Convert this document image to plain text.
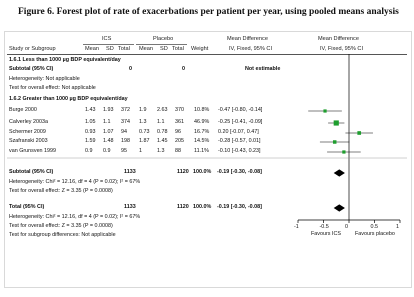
Figure 6. Forest plot of rate of exacerbations per patient per year, using pooled means analysis
ICS	Placebo	Mean Difference	Mean Difference
Study or Subgroup	Mean SD Total Mean SD Total Weight	IV, Fixed, 95% CI	IV, Fixed, 95% CI
1.6.1 Less than 1000 µg BDP equivalent/day
Subtotal (95% CI)	0	0	Not estimable
Heterogeneity: Not applicable
Test for overall effect: Not applicable
1.6.2 Greater than 1000 µg BDP equivalent/day
Burge 2000	1.43 1.93 372 1.9 2.63 370 10.8% -0.47 [-0.80, -0.14]
Calverley 2003a	1.05 1.1 374 1.3 1.1 361 46.9% -0.25 [-0.41, -0.09]
Schermer 2009	0.93 1.07 94 0.73 0.78 96 16.7% 0.20 [-0.07, 0.47]
Szafranski 2003	1.59 1.48 198 1.87 1.45 205 14.5% -0.28 [-0.57, 0.01]
van Grunsven 1999	0.9 0.9 95 1	1.3 88 11.1% -0.10 [-0.43, 0.23]
Subtotal (95% CI)	1133	1120 100.0% -0.19 [-0.30, -0.08]
Heterogeneity: Chi² = 12.16, df = 4 (P = 0.02); I² = 67%
Test for overall effect: Z = 3.35 (P = 0.0008)
Total (95% CI)	1133	1120 100.0% -0.19 [-0.30, -0.08]
Heterogeneity: Chi² = 12.16, df = 4 (P = 0.02); I² = 67%
Test for overall effect: Z = 3.35 (P = 0.0008)
Test for subgroup differences: Not applicable
-1	-0.5	0	0.5	1
Favours ICS	Favours placebo
